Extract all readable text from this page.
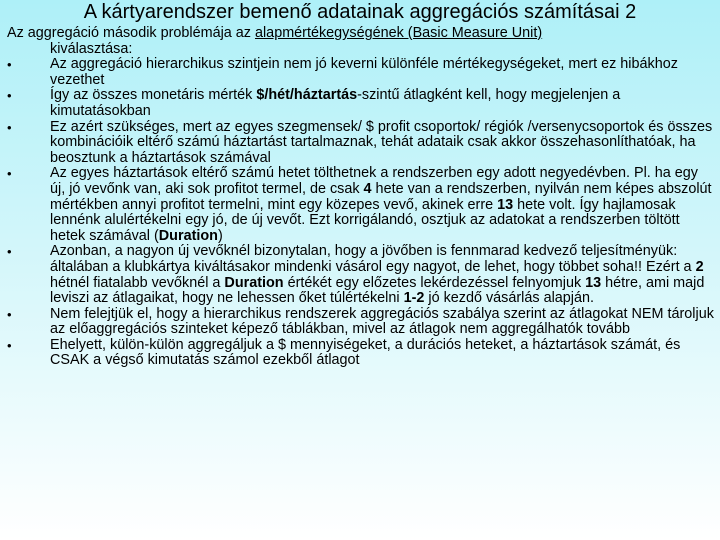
A kártyarendszer bemenő adatainak aggregációs számításai 2

Az aggregáció második problémája az alapmértékegységének (Basic Measure Unit)
kiválasztása:

•	Az aggregáció hierarchikus szintjein nem jó keverni különféle mértékegységeket, mert ez hibákhoz vezethet
•	Így az összes monetáris mérték $/hét/háztartás-szintű átlagként kell, hogy megjelenjen a kimutatásokban
•	Ez azért szükséges, mert az egyes szegmensek/ $ profit csoportok/ régiók /versenycsoportok és összes kombinációik eltérő számú háztartást tartalmaznak, tehát adataik csak akkor összehasonlíthatóak, ha beosztunk a háztartások számával
•	Az egyes háztartások eltérő számú hetet tölthetnek a rendszerben egy adott negyedévben. Pl. ha egy új, jó vevőnk van, aki sok profitot termel, de csak 4 hete van a rendszerben, nyilván nem képes abszolút mértékben annyi profitot termelni, mint egy közepes vevő, akinek erre 13 hete volt. Így hajlamosak lennénk alulértékelni egy jó, de új vevőt. Ezt korrigálandó, osztjuk az adatokat a rendszerben töltött hetek számával (Duration)
•	Azonban, a nagyon új vevőknél bizonytalan, hogy a jövőben is fennmarad kedvező teljesítményük: általában a klubkártya kiváltásakor mindenki vásárol egy nagyot, de lehet, hogy többet soha!! Ezért a 2 hétnél fiatalabb vevőknél a Duration értékét egy előzetes lekérdezéssel felnyomjuk 13 hétre, ami majd leviszi az átlagaikat, hogy ne lehessen őket túlértékelni 1-2 jó kezdő vásárlás alapján.
•	Nem felejtjük el, hogy a hierarchikus rendszerek aggregációs szabálya szerint az átlagokat NEM tároljuk az előaggregációs szinteket képező táblákban, mivel az átlagok nem aggregálhatók tovább
•	Ehelyett, külön-külön aggregáljuk a $ mennyiségeket, a durációs heteket, a háztartások számát, és CSAK a végső kimutatás számol ezekből átlagot
